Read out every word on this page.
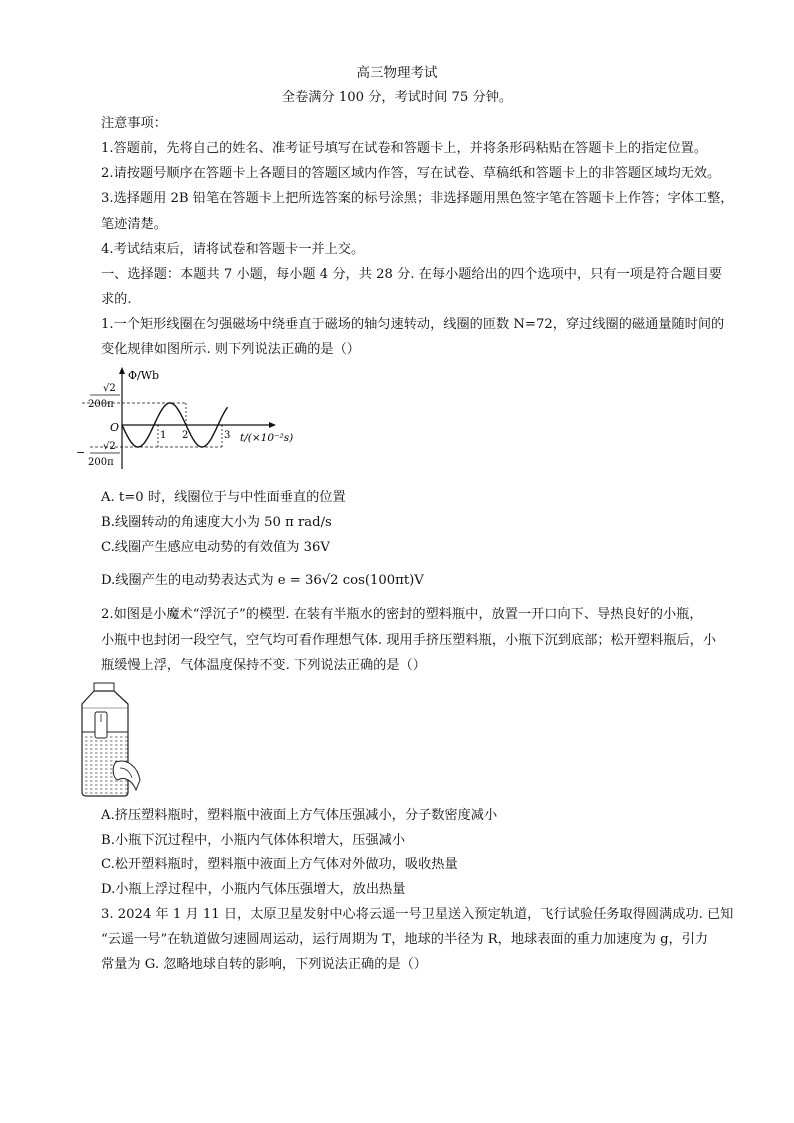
高三物理考试
全卷满分 100 分，考试时间 75 分钟。
注意事项：
1.答题前，先将自己的姓名、准考证号填写在试卷和答题卡上，并将条形码粘贴在答题卡上的指定位置。
2.请按题号顺序在答题卡上各题目的答题区域内作答，写在试卷、草稿纸和答题卡上的非答题区域均无效。
3.选择题用 2B 铅笔在答题卡上把所选答案的标号涂黑；非选择题用黑色签字笔在答题卡上作答；字体工整，
笔迹清楚。
4.考试结束后，请将试卷和答题卡一并上交。
一、选择题：本题共 7 小题，每小题 4 分，共 28 分. 在每小题给出的四个选项中，只有一项是符合题目要
求的.
1.一个矩形线圈在匀强磁场中绕垂直于磁场的轴匀速转动，线圈的匝数 N=72，穿过线圈的磁通量随时间的
变化规律如图所示. 则下列说法正确的是（）
Φ/Wb
√2
200π
O
− √2
200π
1 2	3 t/(×10⁻²s)
A. t=0 时，线圈位于与中性面垂直的位置
B.线圈转动的角速度大小为 50 π rad/s
C.线圈产生感应电动势的有效值为 36V
D.线圈产生的电动势表达式为 e = 36√2 cos(100πt)V
2.如图是小魔术“浮沉子”的模型. 在装有半瓶水的密封的塑料瓶中，放置一开口向下、导热良好的小瓶，
小瓶中也封闭一段空气，空气均可看作理想气体. 现用手挤压塑料瓶，小瓶下沉到底部；松开塑料瓶后，小
瓶缓慢上浮，气体温度保持不变. 下列说法正确的是（）
A.挤压塑料瓶时，塑料瓶中液面上方气体压强减小，分子数密度减小
B.小瓶下沉过程中，小瓶内气体体积增大，压强减小
C.松开塑料瓶时，塑料瓶中液面上方气体对外做功，吸收热量
D.小瓶上浮过程中，小瓶内气体压强增大，放出热量
3. 2024 年 1 月 11 日，太原卫星发射中心将云遥一号卫星送入预定轨道，飞行试验任务取得圆满成功. 已知
“云遥一号”在轨道做匀速圆周运动，运行周期为 T，地球的半径为 R，地球表面的重力加速度为 g，引力
常量为 G. 忽略地球自转的影响，下列说法正确的是（）
